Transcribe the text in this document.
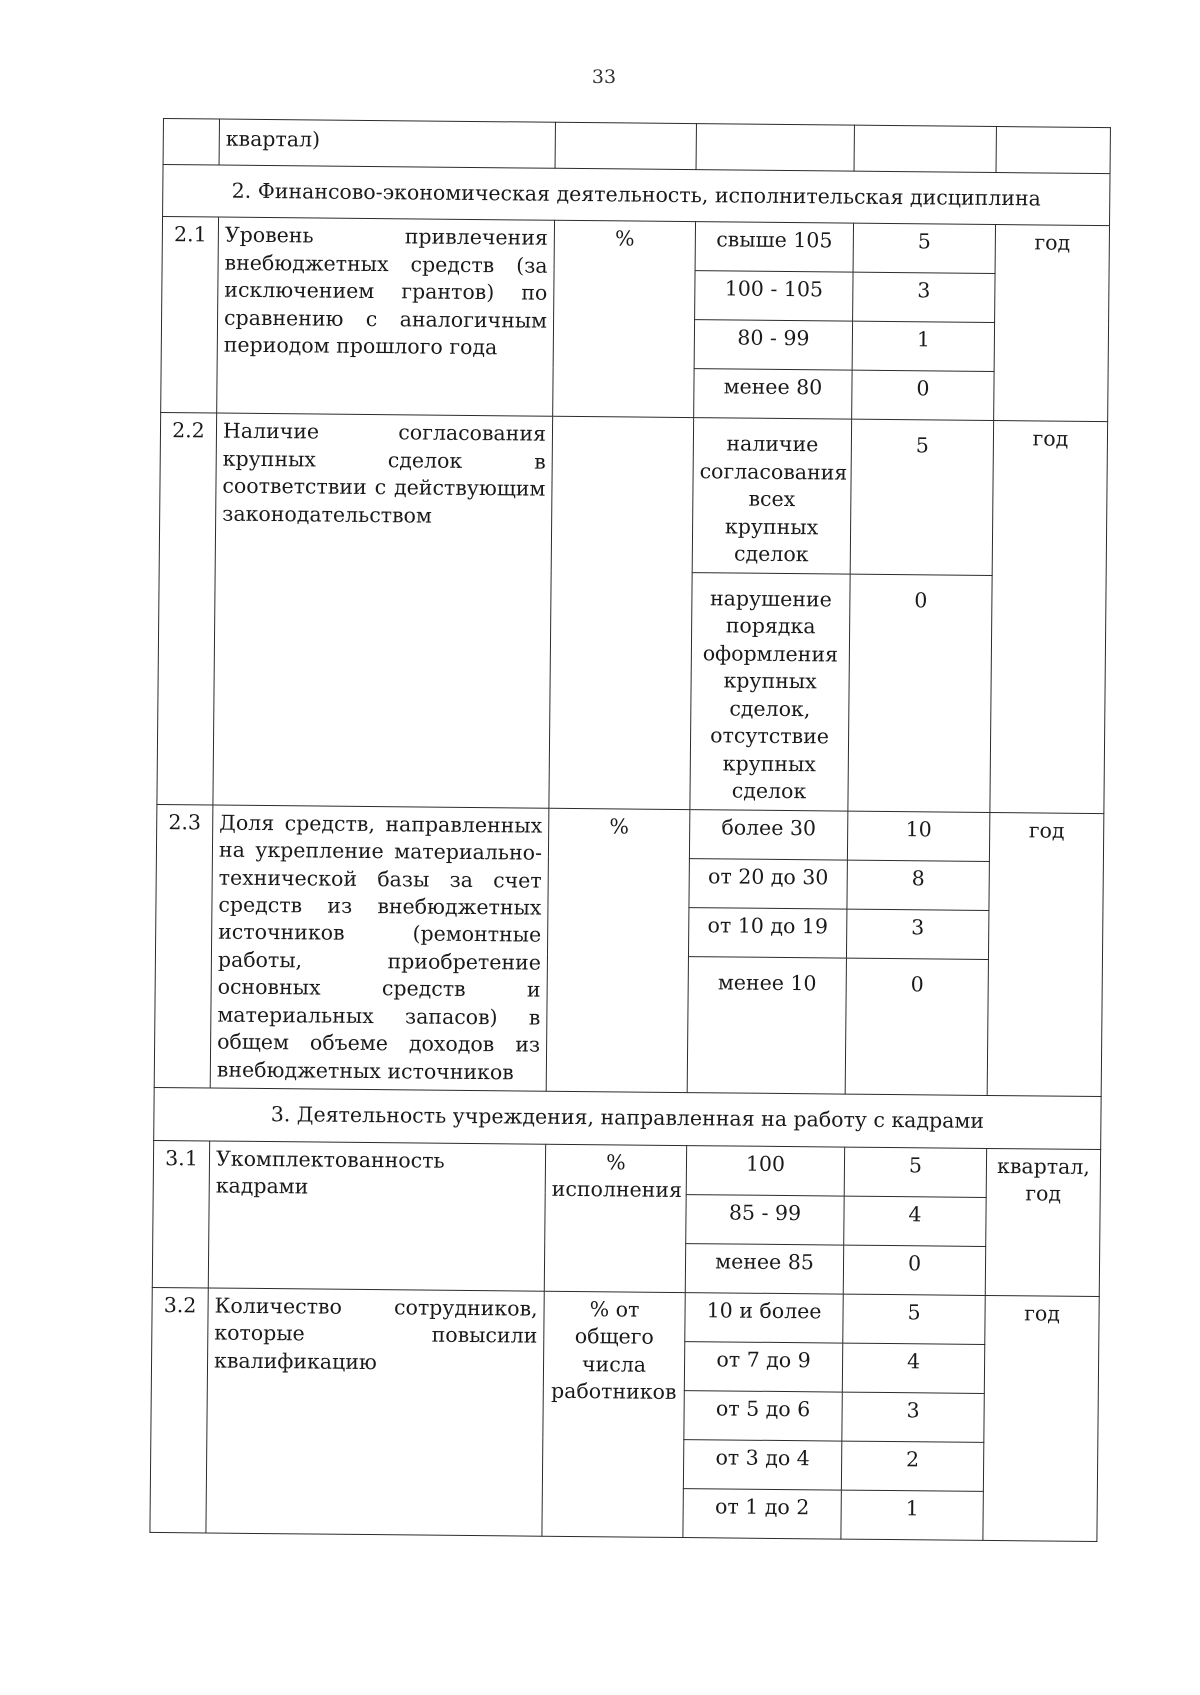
33
	квартал)				
2. Финансово-экономическая деятельность, исполнительская дисциплина					
2.1	Уровень привлечения внебюджетных средств (за исключением грантов) по сравнению с аналогичным периодом прошлого года	%	свыше 105	5	год
			100 - 105	3	
			80 - 99	1	
			менее 80	0	
2.2	Наличие согласования крупных сделок в соответствии с действующим законодательством		наличие согласования всех крупных сделок	5	год
			нарушение порядка оформления крупных сделок, отсутствие крупных сделок	0	
2.3	Доля средств, направленных на укрепление материально-технической базы за счет средств из внебюджетных источников (ремонтные работы, приобретение основных средств и материальных запасов) в общем объеме доходов из внебюджетных источников	%	более 30	10	год
			от 20 до 30	8	
			от 10 до 19	3	
			менее 10	0	
3. Деятельность учреждения, направленная на работу с кадрами					
3.1	Укомплектованность кадрами	% исполнения	100	5	квартал, год
			85 - 99	4	
			менее 85	0	
3.2	Количество сотрудников, которые повысили квалификацию	% от общего числа работников	10 и более	5	год
			от 7 до 9	4	
			от 5 до 6	3	
			от 3 до 4	2	
			от 1 до 2	1	
